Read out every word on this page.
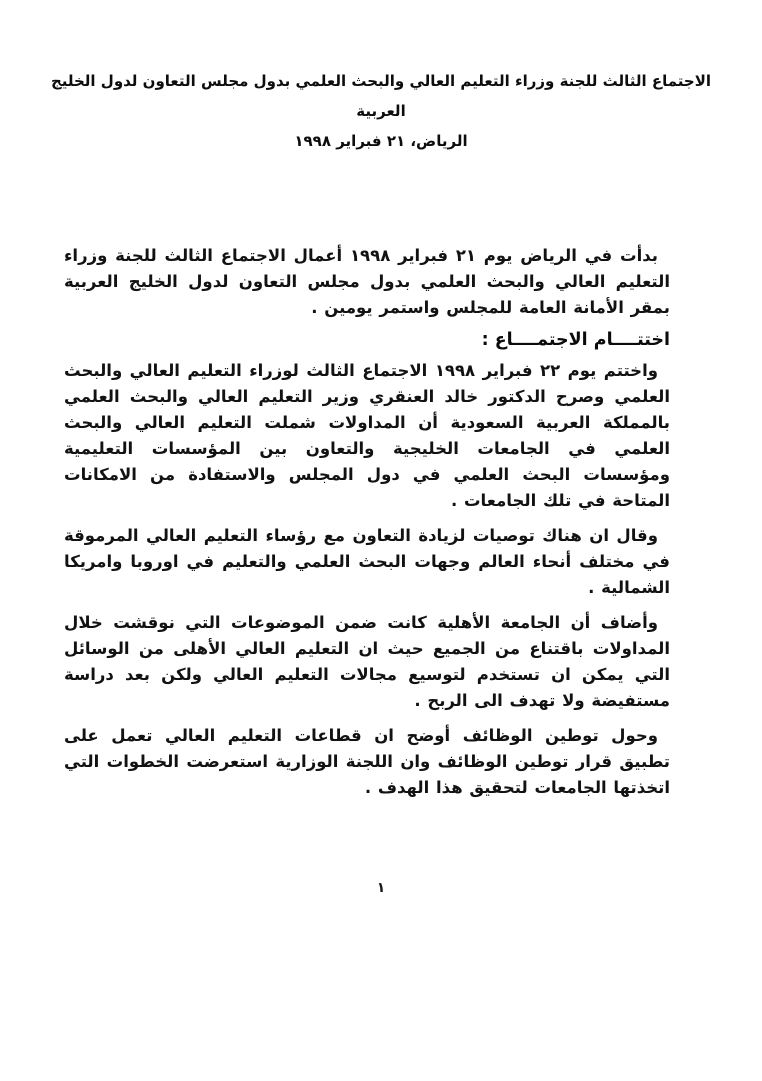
الاجتماع الثالث للجنة وزراء التعليم العالي والبحث العلمي بدول مجلس التعاون لدول الخليج العربية
الرياض، ٢١ فبراير ١٩٩٨

بدأت في الرياض يوم ٢١ فبراير ١٩٩٨ أعمال الاجتماع الثالث للجنة وزراء التعليم العالي والبحث العلمي بدول مجلس التعاون لدول الخليج العربية بمقر الأمانة العامة للمجلس واستمر يومين .

اختتــــام الاجتمــــاع :

واختتم يوم ٢٢ فبراير ١٩٩٨ الاجتماع الثالث لوزراء التعليم العالي والبحث العلمي وصرح الدكتور خالد العنقري وزير التعليم العالي والبحث العلمي بالمملكة العربية السعودية أن المداولات شملت التعليم العالي والبحث العلمي في الجامعات الخليجية والتعاون بين المؤسسات التعليمية ومؤسسات البحث العلمي في دول المجلس والاستفادة من الامكانات المتاحة في تلك الجامعات .

وقال ان هناك توصيات لزيادة التعاون مع رؤساء التعليم العالي المرموقة في مختلف أنحاء العالم وجهات البحث العلمي والتعليم في اوروبا وامريكا الشمالية .

وأضاف أن الجامعة الأهلية كانت ضمن الموضوعات التي نوقشت خلال المداولات باقتناع من الجميع حيث ان التعليم العالي الأهلى من الوسائل التي يمكن ان تستخدم لتوسيع مجالات التعليم العالي ولكن بعد دراسة مستفيضة ولا تهدف الى الربح .

وحول توطين الوظائف أوضح ان قطاعات التعليم العالي تعمل على تطبيق قرار توطين الوظائف وان اللجنة الوزارية استعرضت الخطوات التي اتخذتها الجامعات لتحقيق هذا الهدف .

١
